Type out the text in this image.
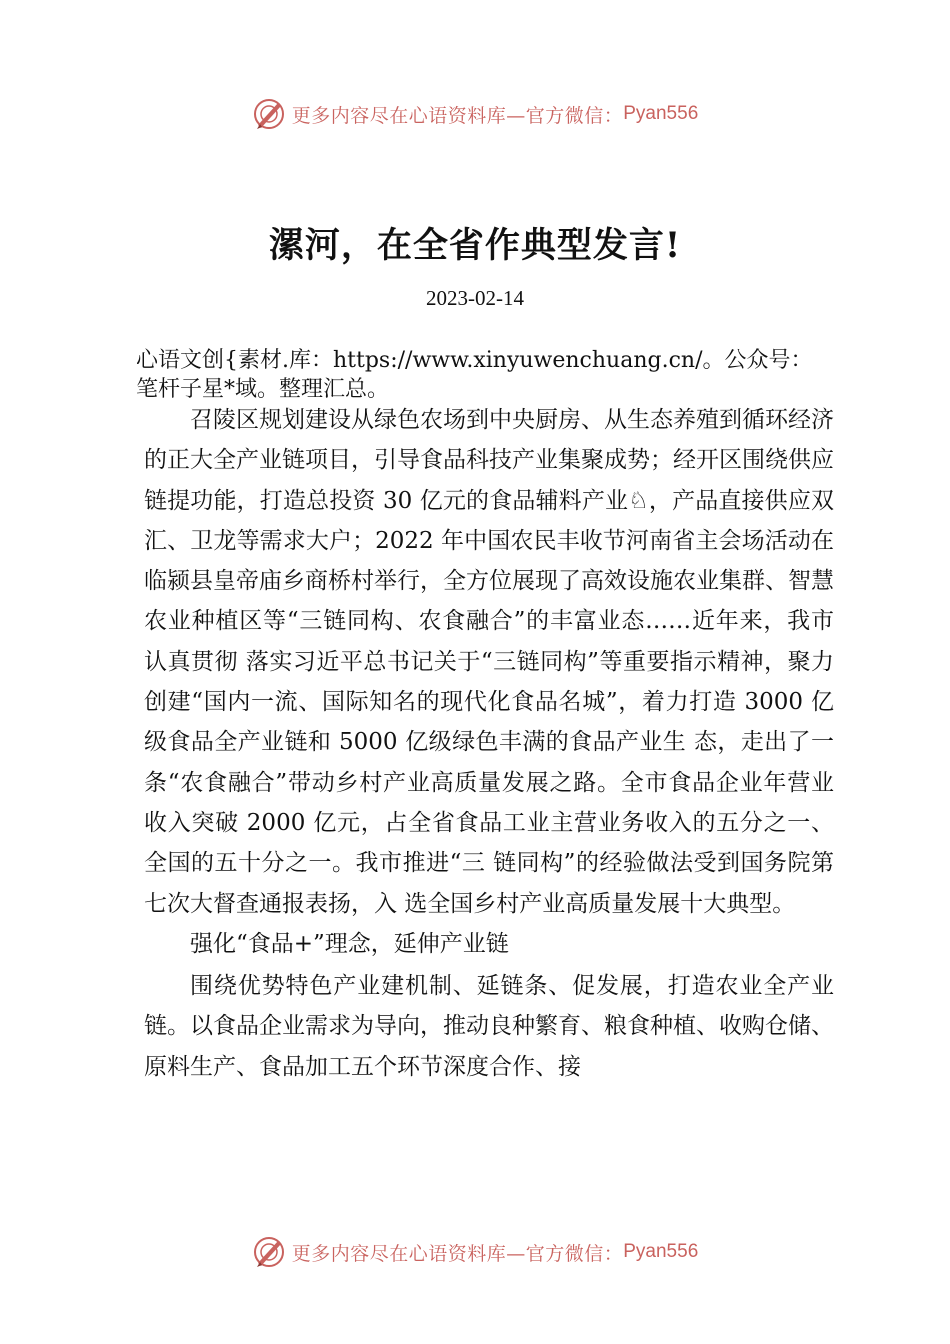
更多内容尽在心语资料库—官方微信： Pyan556
漯河，在全省作典型发言!
2023-02-14
心语文创{素材.库：https://www.xinyuwenchuang.cn/。公众号：笔杆子星*域。整理汇总。

召陵区规划建设从绿色农场到中央厨房、从生态养殖到循环经济的正大全产业链项目，引导食品科技产业集聚成势；经开区围绕供应链提功能，打造总投资 30 亿元的食品辅料产业♘，产品直接供应双汇、卫龙等需求大户；2022 年中国农民丰收节河南省主会场活动在临颍县皇帝庙乡商桥村举行，全方位展现了高效设施农业集群、智慧农业种植区等“三链同构、农食融合”的丰富业态……近年来，我市认真贯彻 落实习近平总书记关于“三链同构”等重要指示精神，聚力创建“国内一流、国际知名的现代化食品名城”，着力打造 3000 亿级食品全产业链和 5000 亿级绿色丰满的食品产业生 态，走出了一条“农食融合”带动乡村产业高质量发展之路。全市食品企业年营业收入突破 2000 亿元，占全省食品工业主营业务收入的五分之一、全国的五十分之一。我市推进“三 链同构”的经验做法受到国务院第七次大督查通报表扬，入 选全国乡村产业高质量发展十大典型。

强化“食品+”理念，延伸产业链

围绕优势特色产业建机制、延链条、促发展，打造农业全产业链。以食品企业需求为导向，推动良种繁育、粮食种植、收购仓储、原料生产、食品加工五个环节深度合作、接

更多内容尽在心语资料库—官方微信： Pyan556
